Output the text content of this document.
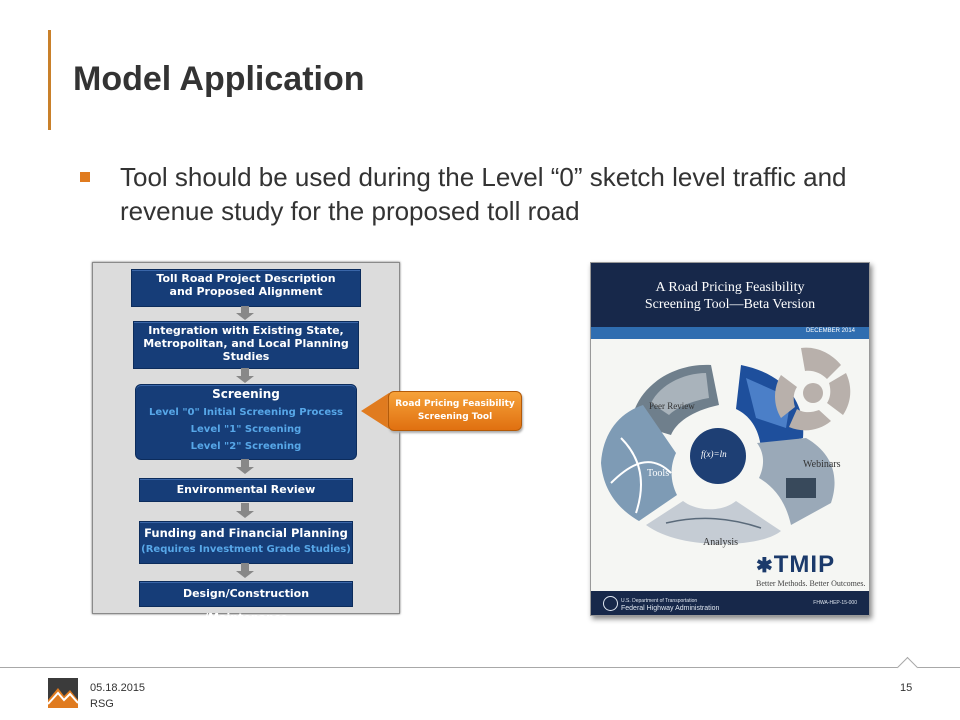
Model Application
Tool should be used during the Level “0” sketch level traffic and revenue study for the proposed toll road
Toll Road Project Description and Proposed Alignment
Integration with Existing State, Metropolitan, and Local Planning Studies
Screening
Level "0" Initial Screening Process
Level "1" Screening
Level "2" Screening
Environmental Review
Funding and Financial Planning
(Requires Investment Grade Studies)
Design/Construction /Maintenance
Road Pricing Feasibility
Screening Tool
A Road Pricing Feasibility
Screening Tool—Beta Version
DECEMBER 2014
Peer Review
Tools
Analysis
Webinars
f(x)=ln
✱TMIP
Better Methods. Better Outcomes.
U.S. Department of Transportation
Federal Highway Administration
FHWA-HEP-15-000
05.18.2015
RSG
15
